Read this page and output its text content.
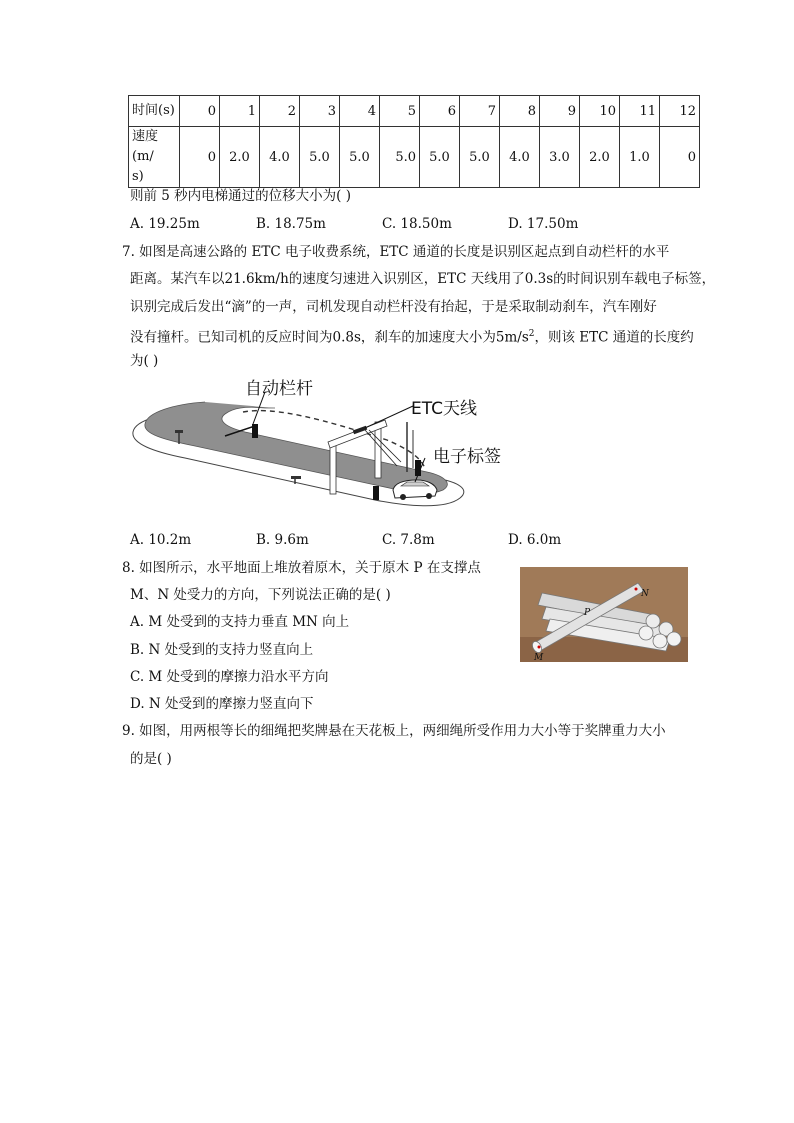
时间(s)	0	1	2	3	4	5	6	7	8	9	10	11	12

速度(m/
s)	0	2.0	4.0	5.0	5.0	5.0	5.0	5.0	4.0	3.0	2.0	1.0	0
则前 5 秒内电梯通过的位移大小为( )
A. 19.25m	B. 18.75m	C. 18.50m	D. 17.50m
7. 如图是高速公路的 ETC 电子收费系统，ETC 通道的长度是识别区起点到自动栏杆的水平
距离。某汽车以21.6km/h的速度匀速进入识别区，ETC 天线用了0.3s的时间识别车载电子标签，
识别完成后发出“滴”的一声，司机发现自动栏杆没有抬起，于是采取制动刹车，汽车刚好
没有撞杆。已知司机的反应时间为0.8s，刹车的加速度大小为$5m/s^2$，则该 ETC 通道的长度约
为( )
自动栏杆
ETC天线
电子标签
A. 10.2m	B. 9.6m	C. 7.8m	D. 6.0m
8. 如图所示，水平地面上堆放着原木，关于原木 P 在支撑点
M、N 处受力的方向，下列说法正确的是( )
A. M 处受到的支持力垂直 MN 向上
B. N 处受到的支持力竖直向上
C. M 处受到的摩擦力沿水平方向
D. N 处受到的摩擦力竖直向下
P
M
N
9. 如图，用两根等长的细绳把奖牌悬在天花板上，两细绳所受作用力大小等于奖牌重力大小
的是( )
